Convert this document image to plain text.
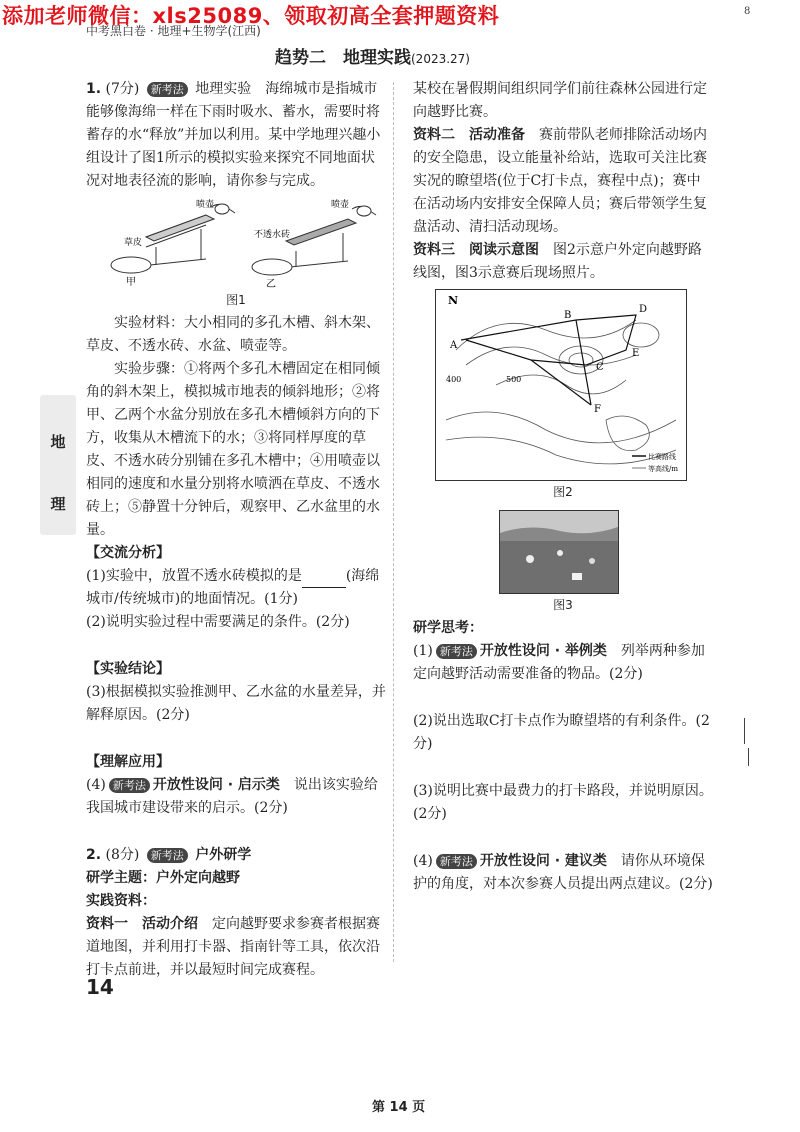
添加老师微信：xls25089、领取初高全套押题资料	8
中考黑白卷 · 地理+生物学(江西)
趋势二　地理实践(2023.27)
地
理

1. (7分) 新考法 地理实验　海绵城市是指城市能够像海绵一样在下雨时吸水、蓄水，需要时将蓄存的水“释放”并加以利用。某中学地理兴趣小组设计了图1所示的模拟实验来探究不同地面状况对地表径流的影响，请你参与完成。

草皮
喷壶
甲
不透水砖
喷壶
乙
图1

实验材料：大小相同的多孔木槽、斜木架、草皮、不透水砖、水盆、喷壶等。

实验步骤：①将两个多孔木槽固定在相同倾角的斜木架上，模拟城市地表的倾斜地形；②将甲、乙两个水盆分别放在多孔木槽倾斜方向的下方，收集从木槽流下的水；③将同样厚度的草皮、不透水砖分别铺在多孔木槽中；④用喷壶以相同的速度和水量分别将水喷洒在草皮、不透水砖上；⑤静置十分钟后，观察甲、乙水盆里的水量。

【交流分析】

(1)实验中，放置不透水砖模拟的是	(海绵城市/传统城市)的地面情况。(1分)

(2)说明实验过程中需要满足的条件。(2分)

【实验结论】

(3)根据模拟实验推测甲、乙水盆的水量差异，并解释原因。(2分)

【理解应用】

(4) 新考法 开放性设问 · 启示类　 说出该实验给我国城市建设带来的启示。(2分)

2. (8分) 新考法 户外研学

研学主题：户外定向越野

实践资料：

资料一　活动介绍　 定向越野要求参赛者根据赛道地图，并利用打卡器、指南针等工具，依次沿打卡点前进，并以最短时间完成赛程。

14

某校在暑假期间组织同学们前往森林公园进行定向越野比赛。

资料二　活动准备　 赛前带队老师排除活动场内的安全隐患，设立能量补给站，选取可关注比赛实况的瞭望塔(位于C打卡点，赛程中点)；赛中在活动场内安排安全保障人员；赛后带领学生复盘活动、清扫活动现场。

资料三　阅读示意图　 图2示意户外定向越野路线图，图3示意赛后现场照片。

N
A
B
C
D
E
F
400	500
比赛路线
等高线/m
图2
图3

研学思考：

(1) 新考法 开放性设问 · 举例类　 列举两种参加定向越野活动需要准备的物品。(2分)

(2)说出选取C打卡点作为瞭望塔的有利条件。(2分)

(3)说明比赛中最费力的打卡路段，并说明原因。(2分)

(4) 新考法 开放性设问 · 建议类　 请你从环境保护的角度，对本次参赛人员提出两点建议。(2分)

第 14 页
